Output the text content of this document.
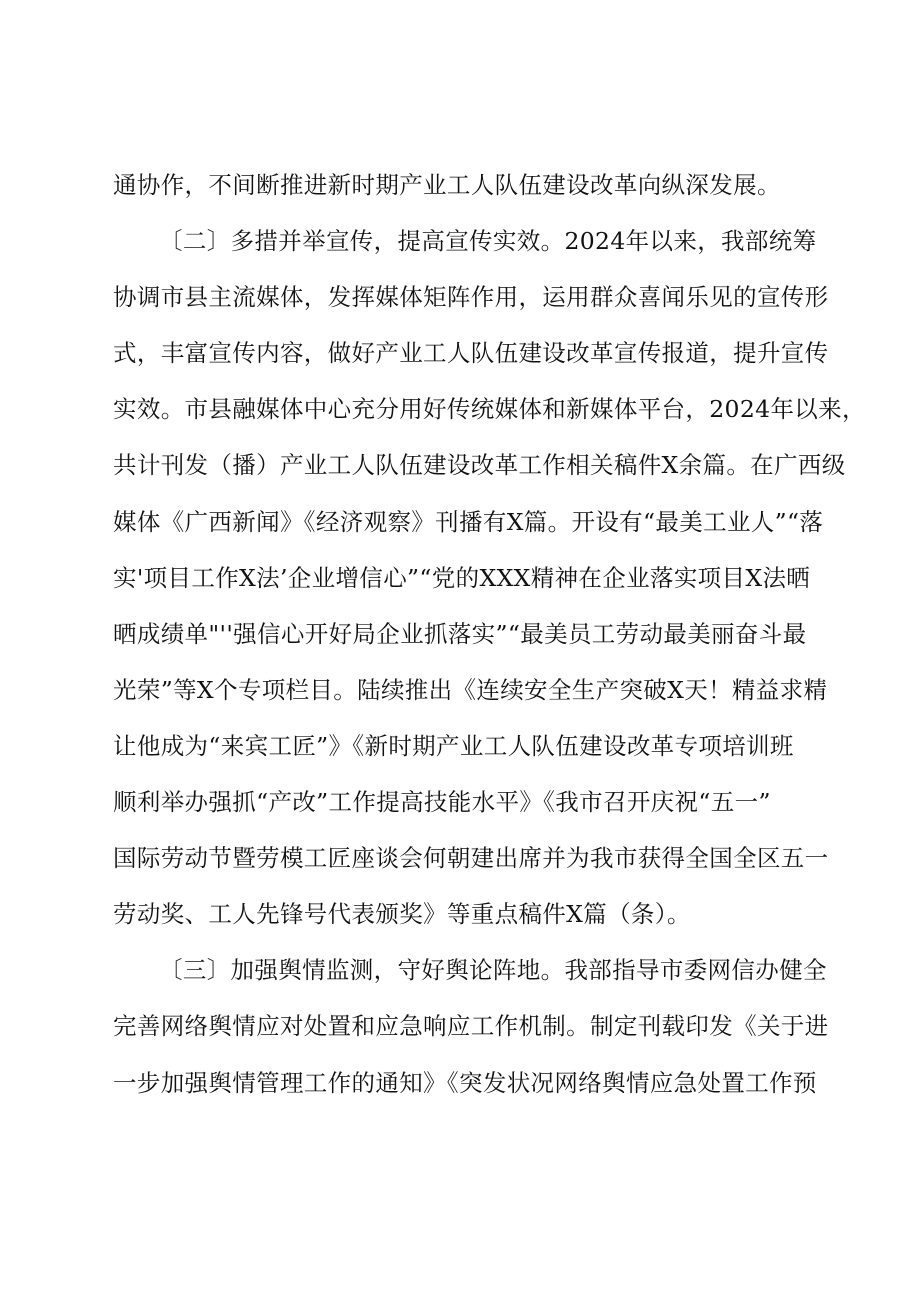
通协作，不间断推进新时期产业工人队伍建设改革向纵深发展。
〔二〕多措并举宣传，提高宣传实效。2024年以来，我部统筹
协调市县主流媒体，发挥媒体矩阵作用，运用群众喜闻乐见的宣传形
式，丰富宣传内容，做好产业工人队伍建设改革宣传报道，提升宣传
实效。市县融媒体中心充分用好传统媒体和新媒体平台，2024年以来，
共计刊发（播）产业工人队伍建设改革工作相关稿件X余篇。在广西级
媒体《广西新闻》《经济观察》刊播有X篇。开设有“最美工业人”“落
实'项目工作X法’企业增信心”“党的XXX精神在企业落实项目X法晒
晒成绩单"''强信心开好局企业抓落实”“最美员工劳动最美丽奋斗最
光荣”等X个专项栏目。陆续推出《连续安全生产突破X天！精益求精
让他成为“来宾工匠”》《新时期产业工人队伍建设改革专项培训班
顺利举办强抓“产改”工作提高技能水平》《我市召开庆祝“五一”
国际劳动节暨劳模工匠座谈会何朝建出席并为我市获得全国全区五一
劳动奖、工人先锋号代表颁奖》等重点稿件X篇（条）。
〔三〕加强舆情监测，守好舆论阵地。我部指导市委网信办健全
完善网络舆情应对处置和应急响应工作机制。制定刊载印发《关于进
一步加强舆情管理工作的通知》《突发状况网络舆情应急处置工作预
